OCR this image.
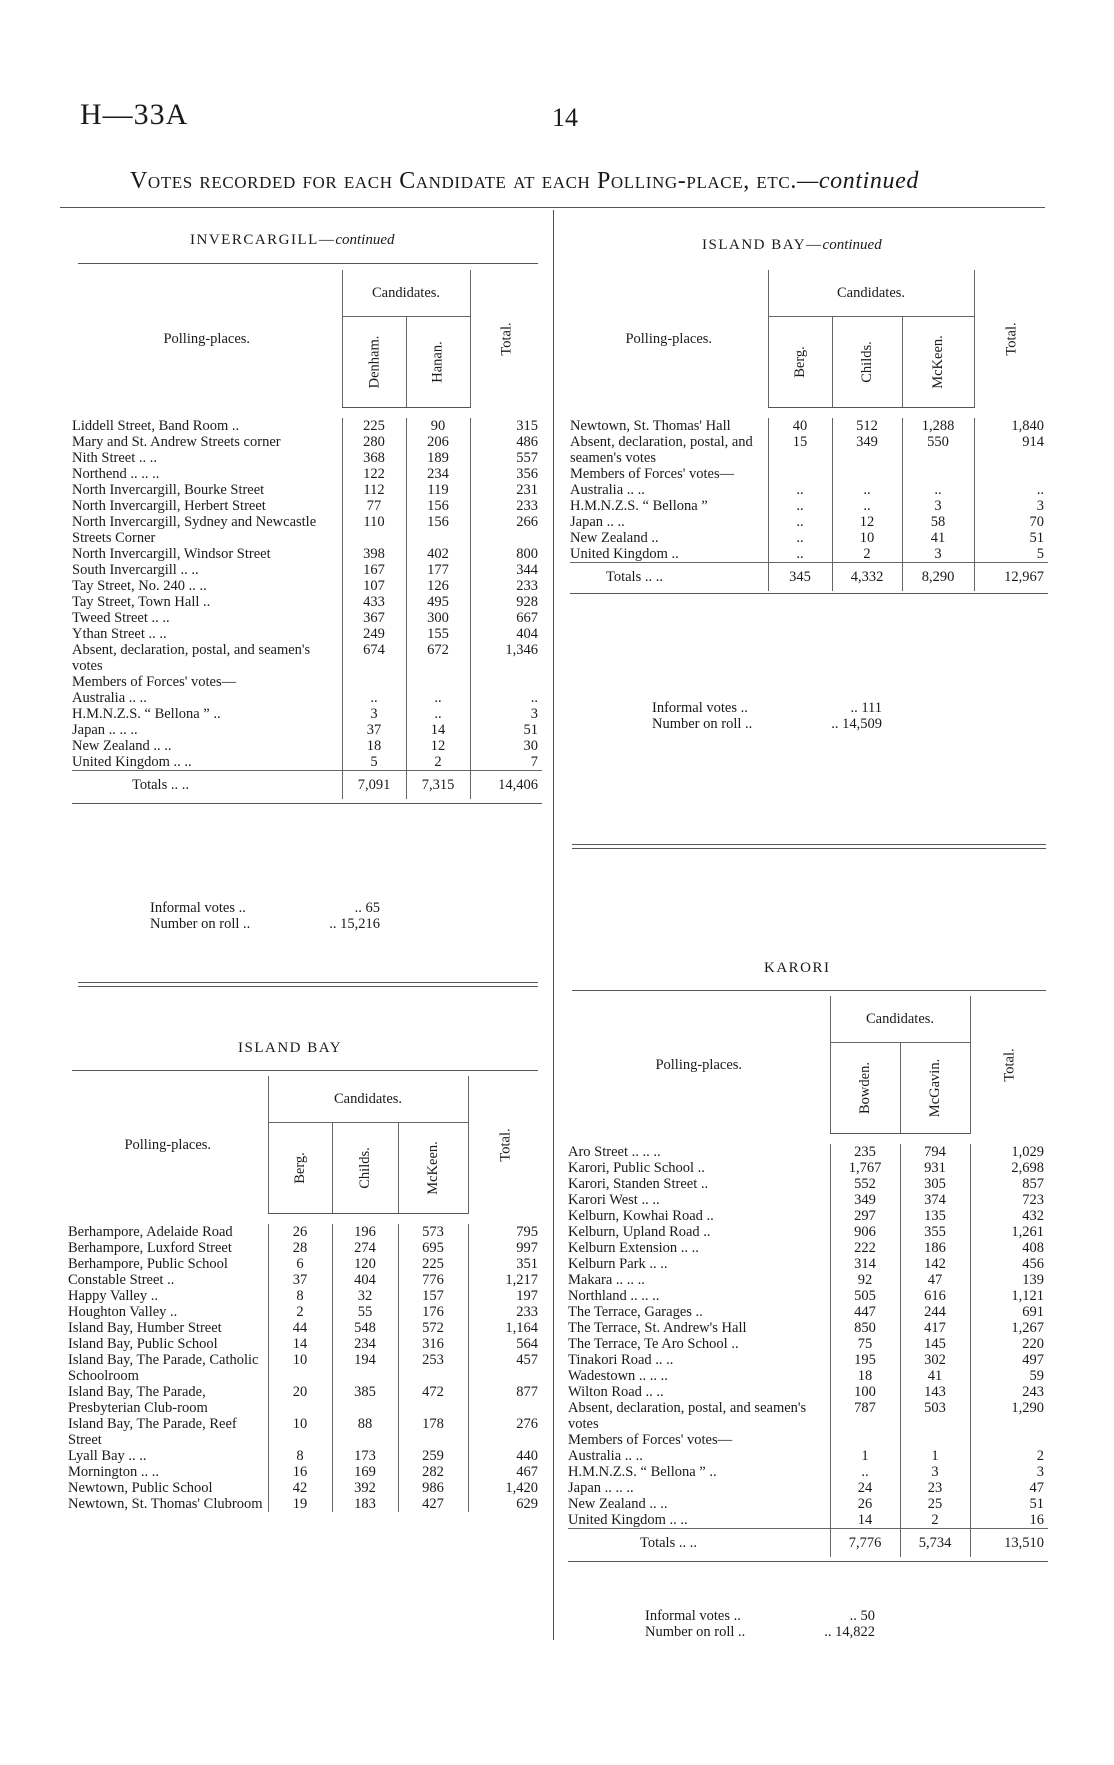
H—33A	14
Votes recorded for each Candidate at each Polling-place, etc.—continued
INVERCARGILL—continued
Polling-places.	Candidates.		Total.
	Denham.	Hanan.	

Liddell Street, Band Room ..	225	90	315
Mary and St. Andrew Streets corner	280	206	486
Nith Street .. ..	368	189	557
Northend .. .. ..	122	234	356
North Invercargill, Bourke Street	112	119	231
North Invercargill, Herbert Street	77	156	233
North Invercargill, Sydney and Newcastle Streets Corner	110	156	266
North Invercargill, Windsor Street	398	402	800
South Invercargill .. ..	167	177	344
Tay Street, No. 240 .. ..	107	126	233
Tay Street, Town Hall ..	433	495	928
Tweed Street .. ..	367	300	667
Ythan Street .. ..	249	155	404
Absent, declaration, postal, and seamen's votes	674	672	1,346
Members of Forces' votes—			
Australia .. ..	..	..	..
H.M.N.Z.S. “ Bellona ” ..	3	..	3
Japan .. .. ..	37	14	51
New Zealand .. ..	18	12	30
United Kingdom .. ..	5	2	7
Totals .. ..	7,091	7,315	14,406
Informal votes ..	.. 65
Number on roll ..	.. 15,216
ISLAND BAY
Polling-places.	Candidates.			Total.
	Berg.	Childs.	McKeen.	

Berhampore, Adelaide Road	26	196	573	795
Berhampore, Luxford Street	28	274	695	997
Berhampore, Public School	6	120	225	351
Constable Street ..	37	404	776	1,217
Happy Valley ..	8	32	157	197
Houghton Valley ..	2	55	176	233
Island Bay, Humber Street	44	548	572	1,164
Island Bay, Public School	14	234	316	564
Island Bay, The Parade, Catholic Schoolroom	10	194	253	457
Island Bay, The Parade, Presbyterian Club-room	20	385	472	877
Island Bay, The Parade, Reef Street	10	88	178	276
Lyall Bay .. ..	8	173	259	440
Mornington .. ..	16	169	282	467
Newtown, Public School	42	392	986	1,420
Newtown, St. Thomas' Clubroom	19	183	427	629
ISLAND BAY—continued
Polling-places.	Candidates.			Total.
	Berg.	Childs.	McKeen.	

Newtown, St. Thomas' Hall	40	512	1,288	1,840
Absent, declaration, postal, and seamen's votes	15	349	550	914
Members of Forces' votes—				
Australia .. ..	..	..	..	..
H.M.N.Z.S. “ Bellona ”	..	..	3	3
Japan .. ..	..	12	58	70
New Zealand ..	..	10	41	51
United Kingdom ..	..	2	3	5
Totals .. ..	345	4,332	8,290	12,967
Informal votes ..	.. 111
Number on roll ..	.. 14,509
KARORI
Polling-places.	Candidates.		Total.
	Bowden.	McGavin.	

Aro Street .. .. ..	235	794	1,029
Karori, Public School ..	1,767	931	2,698
Karori, Standen Street ..	552	305	857
Karori West .. ..	349	374	723
Kelburn, Kowhai Road ..	297	135	432
Kelburn, Upland Road ..	906	355	1,261
Kelburn Extension .. ..	222	186	408
Kelburn Park .. ..	314	142	456
Makara .. .. ..	92	47	139
Northland .. .. ..	505	616	1,121
The Terrace, Garages ..	447	244	691
The Terrace, St. Andrew's Hall	850	417	1,267
The Terrace, Te Aro School ..	75	145	220
Tinakori Road .. ..	195	302	497
Wadestown .. .. ..	18	41	59
Wilton Road .. ..	100	143	243
Absent, declaration, postal, and seamen's votes	787	503	1,290
Members of Forces' votes—			
Australia .. ..	1	1	2
H.M.N.Z.S. “ Bellona ” ..	..	3	3
Japan .. .. ..	24	23	47
New Zealand .. ..	26	25	51
United Kingdom .. ..	14	2	16
Totals .. ..	7,776	5,734	13,510
Informal votes ..	.. 50
Number on roll ..	.. 14,822
